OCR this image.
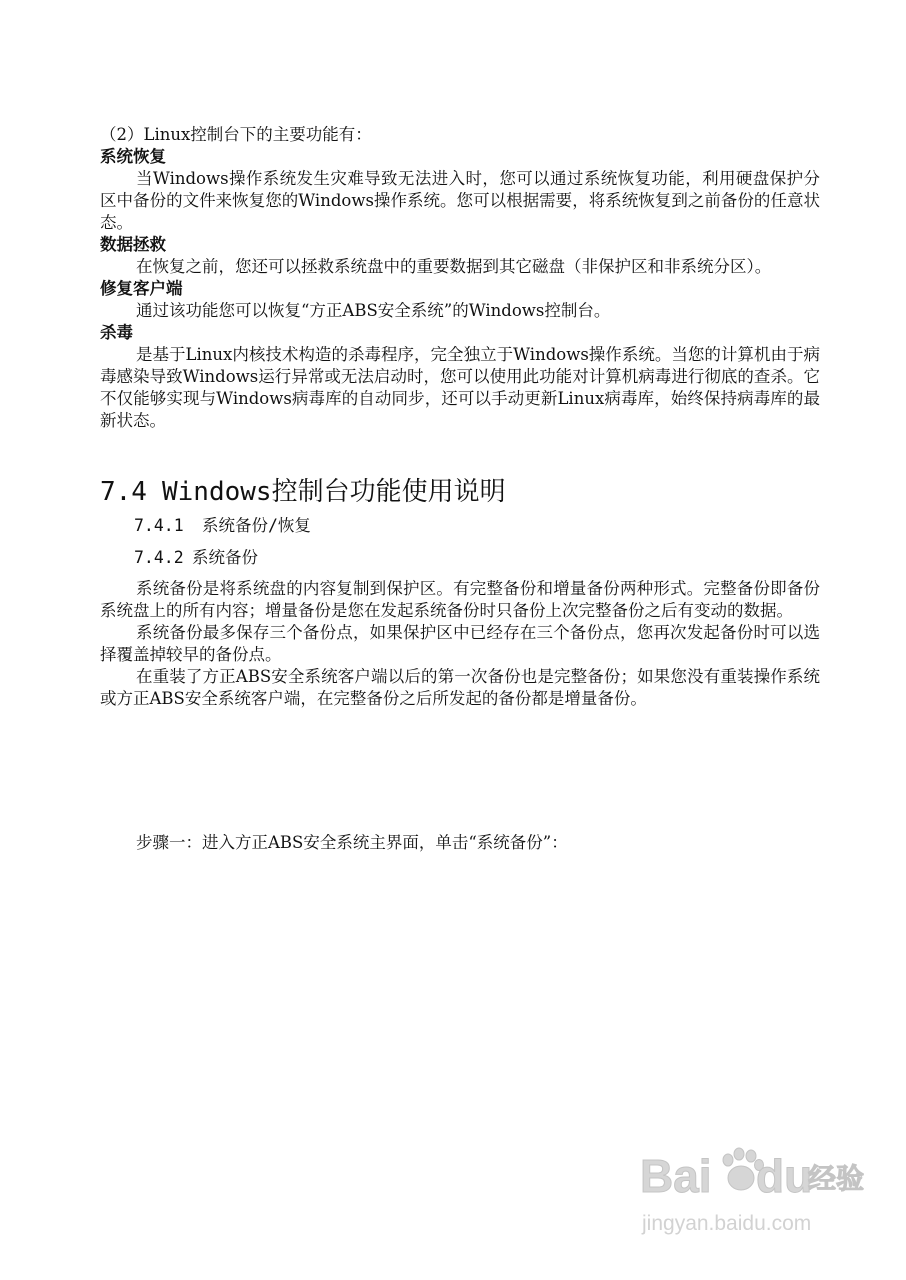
（2）Linux控制台下的主要功能有：

系统恢复

当Windows操作系统发生灾难导致无法进入时，您可以通过系统恢复功能，利用硬盘保护分区中备份的文件来恢复您的Windows操作系统。您可以根据需要，将系统恢复到之前备份的任意状态。

数据拯救

在恢复之前，您还可以拯救系统盘中的重要数据到其它磁盘（非保护区和非系统分区）。

修复客户端

通过该功能您可以恢复“方正ABS安全系统”的Windows控制台。

杀毒

是基于Linux内核技术构造的杀毒程序，完全独立于Windows操作系统。当您的计算机由于病毒感染导致Windows运行异常或无法启动时，您可以使用此功能对计算机病毒进行彻底的查杀。它不仅能够实现与Windows病毒库的自动同步，还可以手动更新Linux病毒库，始终保持病毒库的最新状态。

7.4 Windows控制台功能使用说明
7.4.1 系统备份/恢复
7.4.2 系统备份

系统备份是将系统盘的内容复制到保护区。有完整备份和增量备份两种形式。完整备份即备份系统盘上的所有内容；增量备份是您在发起系统备份时只备份上次完整备份之后有变动的数据。

系统备份最多保存三个备份点，如果保护区中已经存在三个备份点，您再次发起备份时可以选择覆盖掉较早的备份点。

在重装了方正ABS安全系统客户端以后的第一次备份也是完整备份；如果您没有重装操作系统或方正ABS安全系统客户端，在完整备份之后所发起的备份都是增量备份。

步骤一：进入方正ABS安全系统主界面，单击“系统备份”：
Bai du
经验
jingyan.baidu.com
